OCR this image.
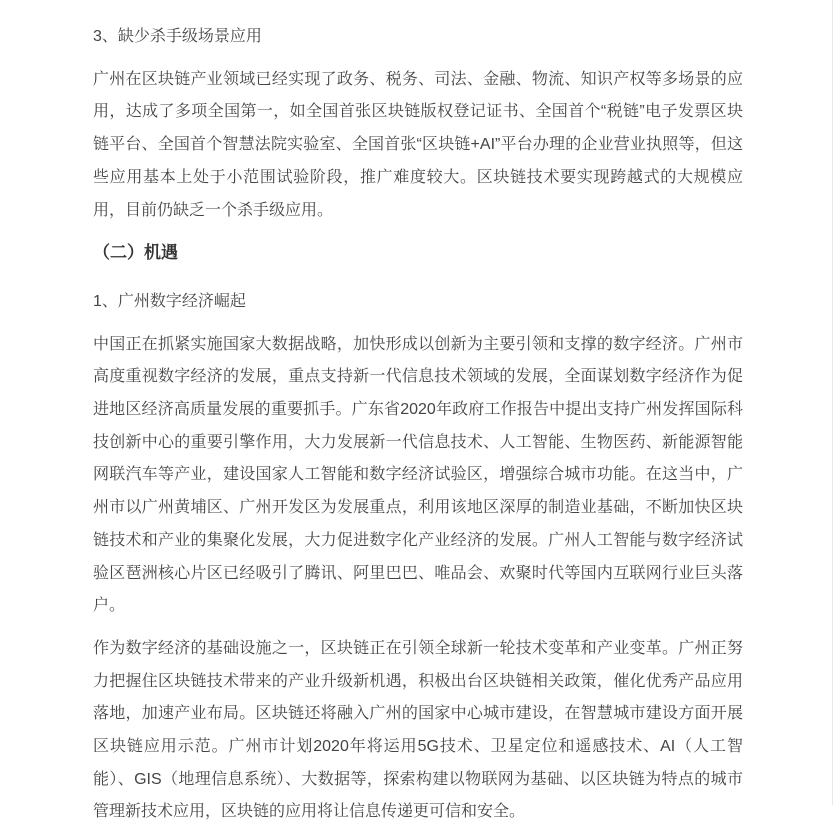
3、缺少杀手级场景应用

广州在区块链产业领域已经实现了政务、税务、司法、金融、物流、知识产权等多场景的应用，达成了多项全国第一，如全国首张区块链版权登记证书、全国首个“税链”电子发票区块链平台、全国首个智慧法院实验室、全国首张“区块链+AI”平台办理的企业营业执照等，但这些应用基本上处于小范围试验阶段，推广难度较大。区块链技术要实现跨越式的大规模应用，目前仍缺乏一个杀手级应用。

（二）机遇

1、广州数字经济崛起

中国正在抓紧实施国家大数据战略，加快形成以创新为主要引领和支撑的数字经济。广州市高度重视数字经济的发展，重点支持新一代信息技术领域的发展，全面谋划数字经济作为促进地区经济高质量发展的重要抓手。广东省2020年政府工作报告中提出支持广州发挥国际科技创新中心的重要引擎作用，大力发展新一代信息技术、人工智能、生物医药、新能源智能网联汽车等产业，建设国家人工智能和数字经济试验区，增强综合城市功能。在这当中，广州市以广州黄埔区、广州开发区为发展重点，利用该地区深厚的制造业基础，不断加快区块链技术和产业的集聚化发展，大力促进数字化产业经济的发展。广州人工智能与数字经济试验区琶洲核心片区已经吸引了腾讯、阿里巴巴、唯品会、欢聚时代等国内互联网行业巨头落户。

作为数字经济的基础设施之一，区块链正在引领全球新一轮技术变革和产业变革。广州正努力把握住区块链技术带来的产业升级新机遇，积极出台区块链相关政策，催化优秀产品应用落地，加速产业布局。区块链还将融入广州的国家中心城市建设，在智慧城市建设方面开展区块链应用示范。广州市计划2020年将运用5G技术、卫星定位和遥感技术、AI（人工智能）、GIS（地理信息系统）、大数据等，探索构建以物联网为基础、以区块链为特点的城市管理新技术应用，区块链的应用将让信息传递更可信和安全。
